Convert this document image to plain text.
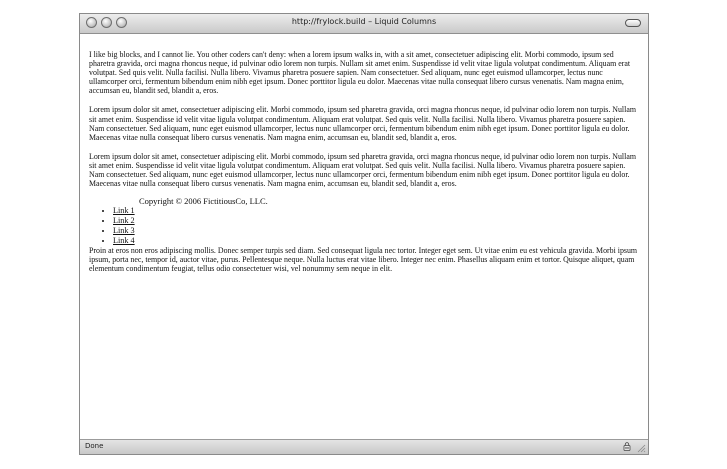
http://frylock.build – Liquid Columns

I like big blocks, and I cannot lie. You other coders can't deny: when a lorem ipsum walks in, with a sit amet, consectetuer adipiscing elit. Morbi commodo, ipsum sed pharetra gravida, orci magna rhoncus neque, id pulvinar odio lorem non turpis. Nullam sit amet enim. Suspendisse id velit vitae ligula volutpat condimentum. Aliquam erat volutpat. Sed quis velit. Nulla facilisi. Nulla libero. Vivamus pharetra posuere sapien. Nam consectetuer. Sed aliquam, nunc eget euismod ullamcorper, lectus nunc ullamcorper orci, fermentum bibendum enim nibh eget ipsum. Donec porttitor ligula eu dolor. Maecenas vitae nulla consequat libero cursus venenatis. Nam magna enim, accumsan eu, blandit sed, blandit a, eros.

Lorem ipsum dolor sit amet, consectetuer adipiscing elit. Morbi commodo, ipsum sed pharetra gravida, orci magna rhoncus neque, id pulvinar odio lorem non turpis. Nullam sit amet enim. Suspendisse id velit vitae ligula volutpat condimentum. Aliquam erat volutpat. Sed quis velit. Nulla facilisi. Nulla libero. Vivamus pharetra posuere sapien. Nam consectetuer. Sed aliquam, nunc eget euismod ullamcorper, lectus nunc ullamcorper orci, fermentum bibendum enim nibh eget ipsum. Donec porttitor ligula eu dolor. Maecenas vitae nulla consequat libero cursus venenatis. Nam magna enim, accumsan eu, blandit sed, blandit a, eros.

Lorem ipsum dolor sit amet, consectetuer adipiscing elit. Morbi commodo, ipsum sed pharetra gravida, orci magna rhoncus neque, id pulvinar odio lorem non turpis. Nullam sit amet enim. Suspendisse id velit vitae ligula volutpat condimentum. Aliquam erat volutpat. Sed quis velit. Nulla facilisi. Nulla libero. Vivamus pharetra posuere sapien. Nam consectetuer. Sed aliquam, nunc eget euismod ullamcorper, lectus nunc ullamcorper orci, fermentum bibendum enim nibh eget ipsum. Donec porttitor ligula eu dolor. Maecenas vitae nulla consequat libero cursus venenatis. Nam magna enim, accumsan eu, blandit sed, blandit a, eros.

Copyright © 2006 FictitiousCo, LLC.
• Link 1
• Link 2
• Link 3
• Link 4

Proin at eros non eros adipiscing mollis. Donec semper turpis sed diam. Sed consequat ligula nec tortor. Integer eget sem. Ut vitae enim eu est vehicula gravida. Morbi ipsum ipsum, porta nec, tempor id, auctor vitae, purus. Pellentesque neque. Nulla luctus erat vitae libero. Integer nec enim. Phasellus aliquam enim et tortor. Quisque aliquet, quam elementum condimentum feugiat, tellus odio consectetuer wisi, vel nonummy sem neque in elit.

Done
